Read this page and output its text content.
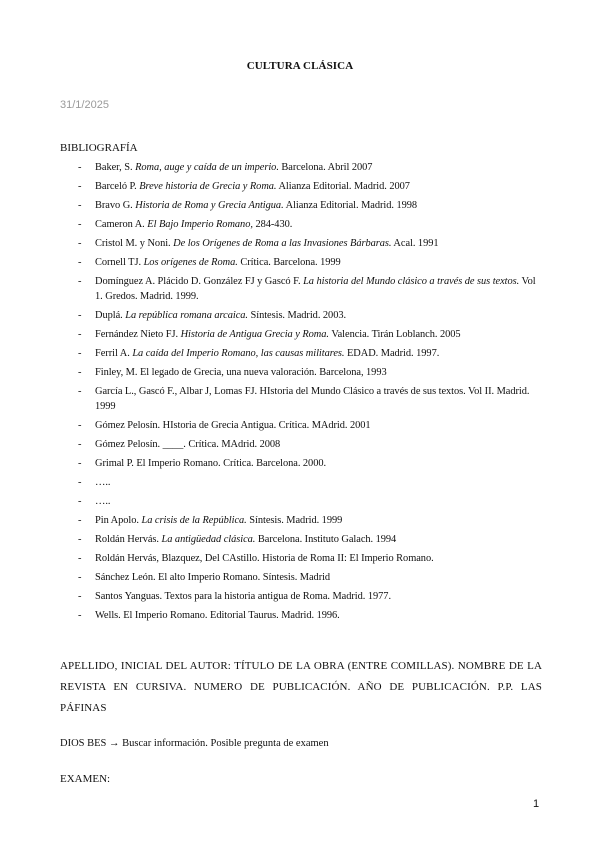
CULTURA CLÁSICA
31/1/2025
BIBLIOGRAFÍA
- Baker, S. Roma, auge y caída de un imperio. Barcelona. Abril 2007
- Barceló P. Breve historia de Grecia y Roma. Alianza Editorial. Madrid. 2007
- Bravo G. Historia de Roma y Grecia Antigua. Alianza Editorial. Madrid. 1998
- Cameron A. El Bajo Imperio Romano, 284-430.
- Cristol M. y Noni. De los Orígenes de Roma a las Invasiones Bárbaras. Acal. 1991
- Cornell TJ. Los orígenes de Roma. Crítica. Barcelona. 1999
- Domínguez A. Plácido D. González FJ y Gascó F. La historia del Mundo clásico a través de sus textos. Vol 1. Gredos. Madrid. 1999.
- Duplá. La república romana arcaica. Síntesis. Madrid. 2003.
- Fernández Nieto FJ. Historia de Antigua Grecia y Roma. Valencia. Tirán Loblanch. 2005
- Ferril A. La caída del Imperio Romano, las causas militares. EDAD. Madrid. 1997.
- Finley, M. El legado de Grecia, una nueva valoración. Barcelona, 1993
- García L., Gascó F., Albar J, Lomas FJ. HIstoria del Mundo Clásico a través de sus textos. Vol II. Madrid. 1999
- Gómez Pelosín. HIstoria de Grecia Antigua. Crítica. MAdrid. 2001
- Gómez Pelosín. ____. Crítica. MAdrid. 2008
- Grimal P. El Imperio Romano. Crítica. Barcelona. 2000.
- …..
- …..
- Pin Apolo. La crisis de la República. Síntesis. Madrid. 1999
- Roldán Hervás. La antigüedad clásica. Barcelona. Instituto Galach. 1994
- Roldán Hervás, Blazquez, Del CAstillo. Historia de Roma II: El Imperio Romano.
- Sánchez León. El alto Imperio Romano. Síntesis. Madrid
- Santos Yanguas. Textos para la historia antigua de Roma. Madrid. 1977.
- Wells. El Imperio Romano. Editorial Taurus. Madrid. 1996.
APELLIDO, INICIAL DEL AUTOR: TÍTULO DE LA OBRA (ENTRE COMILLAS). NOMBRE DE LA REVISTA EN CURSIVA. NUMERO DE PUBLICACIÓN. AÑO DE PUBLICACIÓN. P.P. LAS PÁFINAS
DIOS BES → Buscar información. Posible pregunta de examen
EXAMEN:
1
